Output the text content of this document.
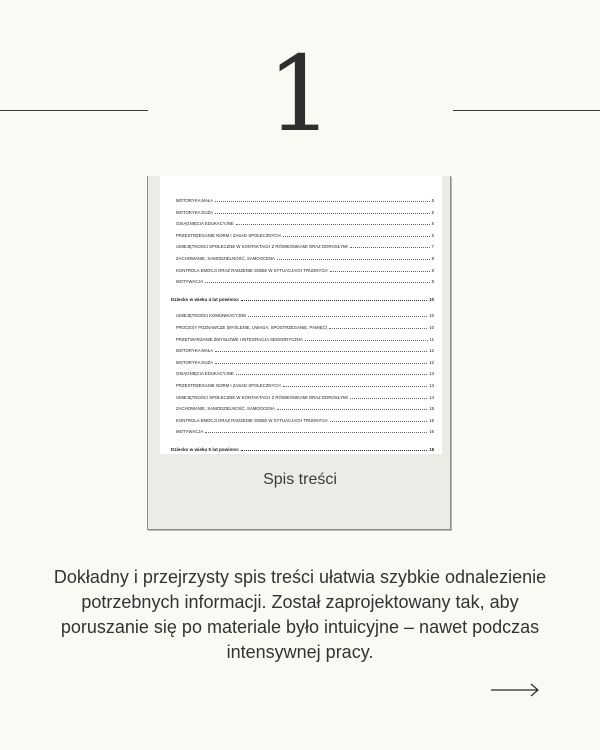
1
MOTORYKA MAŁA	5
MOTORYKA DUŻA	5
OSIĄGNIĘCIA EDUKACYJNE	6
PRZESTRZEGANIE NORM I ZASAD SPOŁECZNYCH	6
UMIEJĘTNOŚCI SPOŁECZNE W KONTAKTACH Z RÓWIEŚNIKAMI ORAZ DOROSŁYMI	7
ZACHOWANIE, SAMODZIELNOŚĆ, SAMOOCENA	8
KONTROLA EMOCJI ORAZ RADZENIE SOBIE W SYTUACJACH TRUDNYCH	8
MOTYWACJA	9
Dziecko w wieku 4 lat powinno:	10
UMIEJĘTNOŚCI KOMUNIKACYJNE	10
PROCESY POZNAWCZE (MYŚLENIE, UWAGA, SPOSTRZEGANIE, PAMIĘĆ)	10
PRZETWARZANIE ZMYSŁOWE I INTEGRACJA SENSORYCZNA	11
MOTORYKA MAŁA	12
MOTORYKA DUŻA	12
OSIĄGNIĘCIA EDUKACYJNE	13
PRZESTRZEGANIE NORM I ZASAD SPOŁECZNYCH	13
UMIEJĘTNOŚCI SPOŁECZNE W KONTAKTACH Z RÓWIEŚNIKAMI ORAZ DOROSŁYMI	14
ZACHOWANIE, SAMODZIELNOŚĆ, SAMOOCENA	15
KONTROLA EMOCJI ORAZ RADZENIE SOBIE W SYTUACJACH TRUDNYCH	15
MOTYWACJA	16
Dziecko w wieku 5 lat powinno:	18
Spis treści
Dokładny i przejrzysty spis treści ułatwia szybkie odnalezienie potrzebnych informacji. Został zaprojektowany tak, aby poruszanie się po materiale było intuicyjne – nawet podczas intensywnej pracy.
